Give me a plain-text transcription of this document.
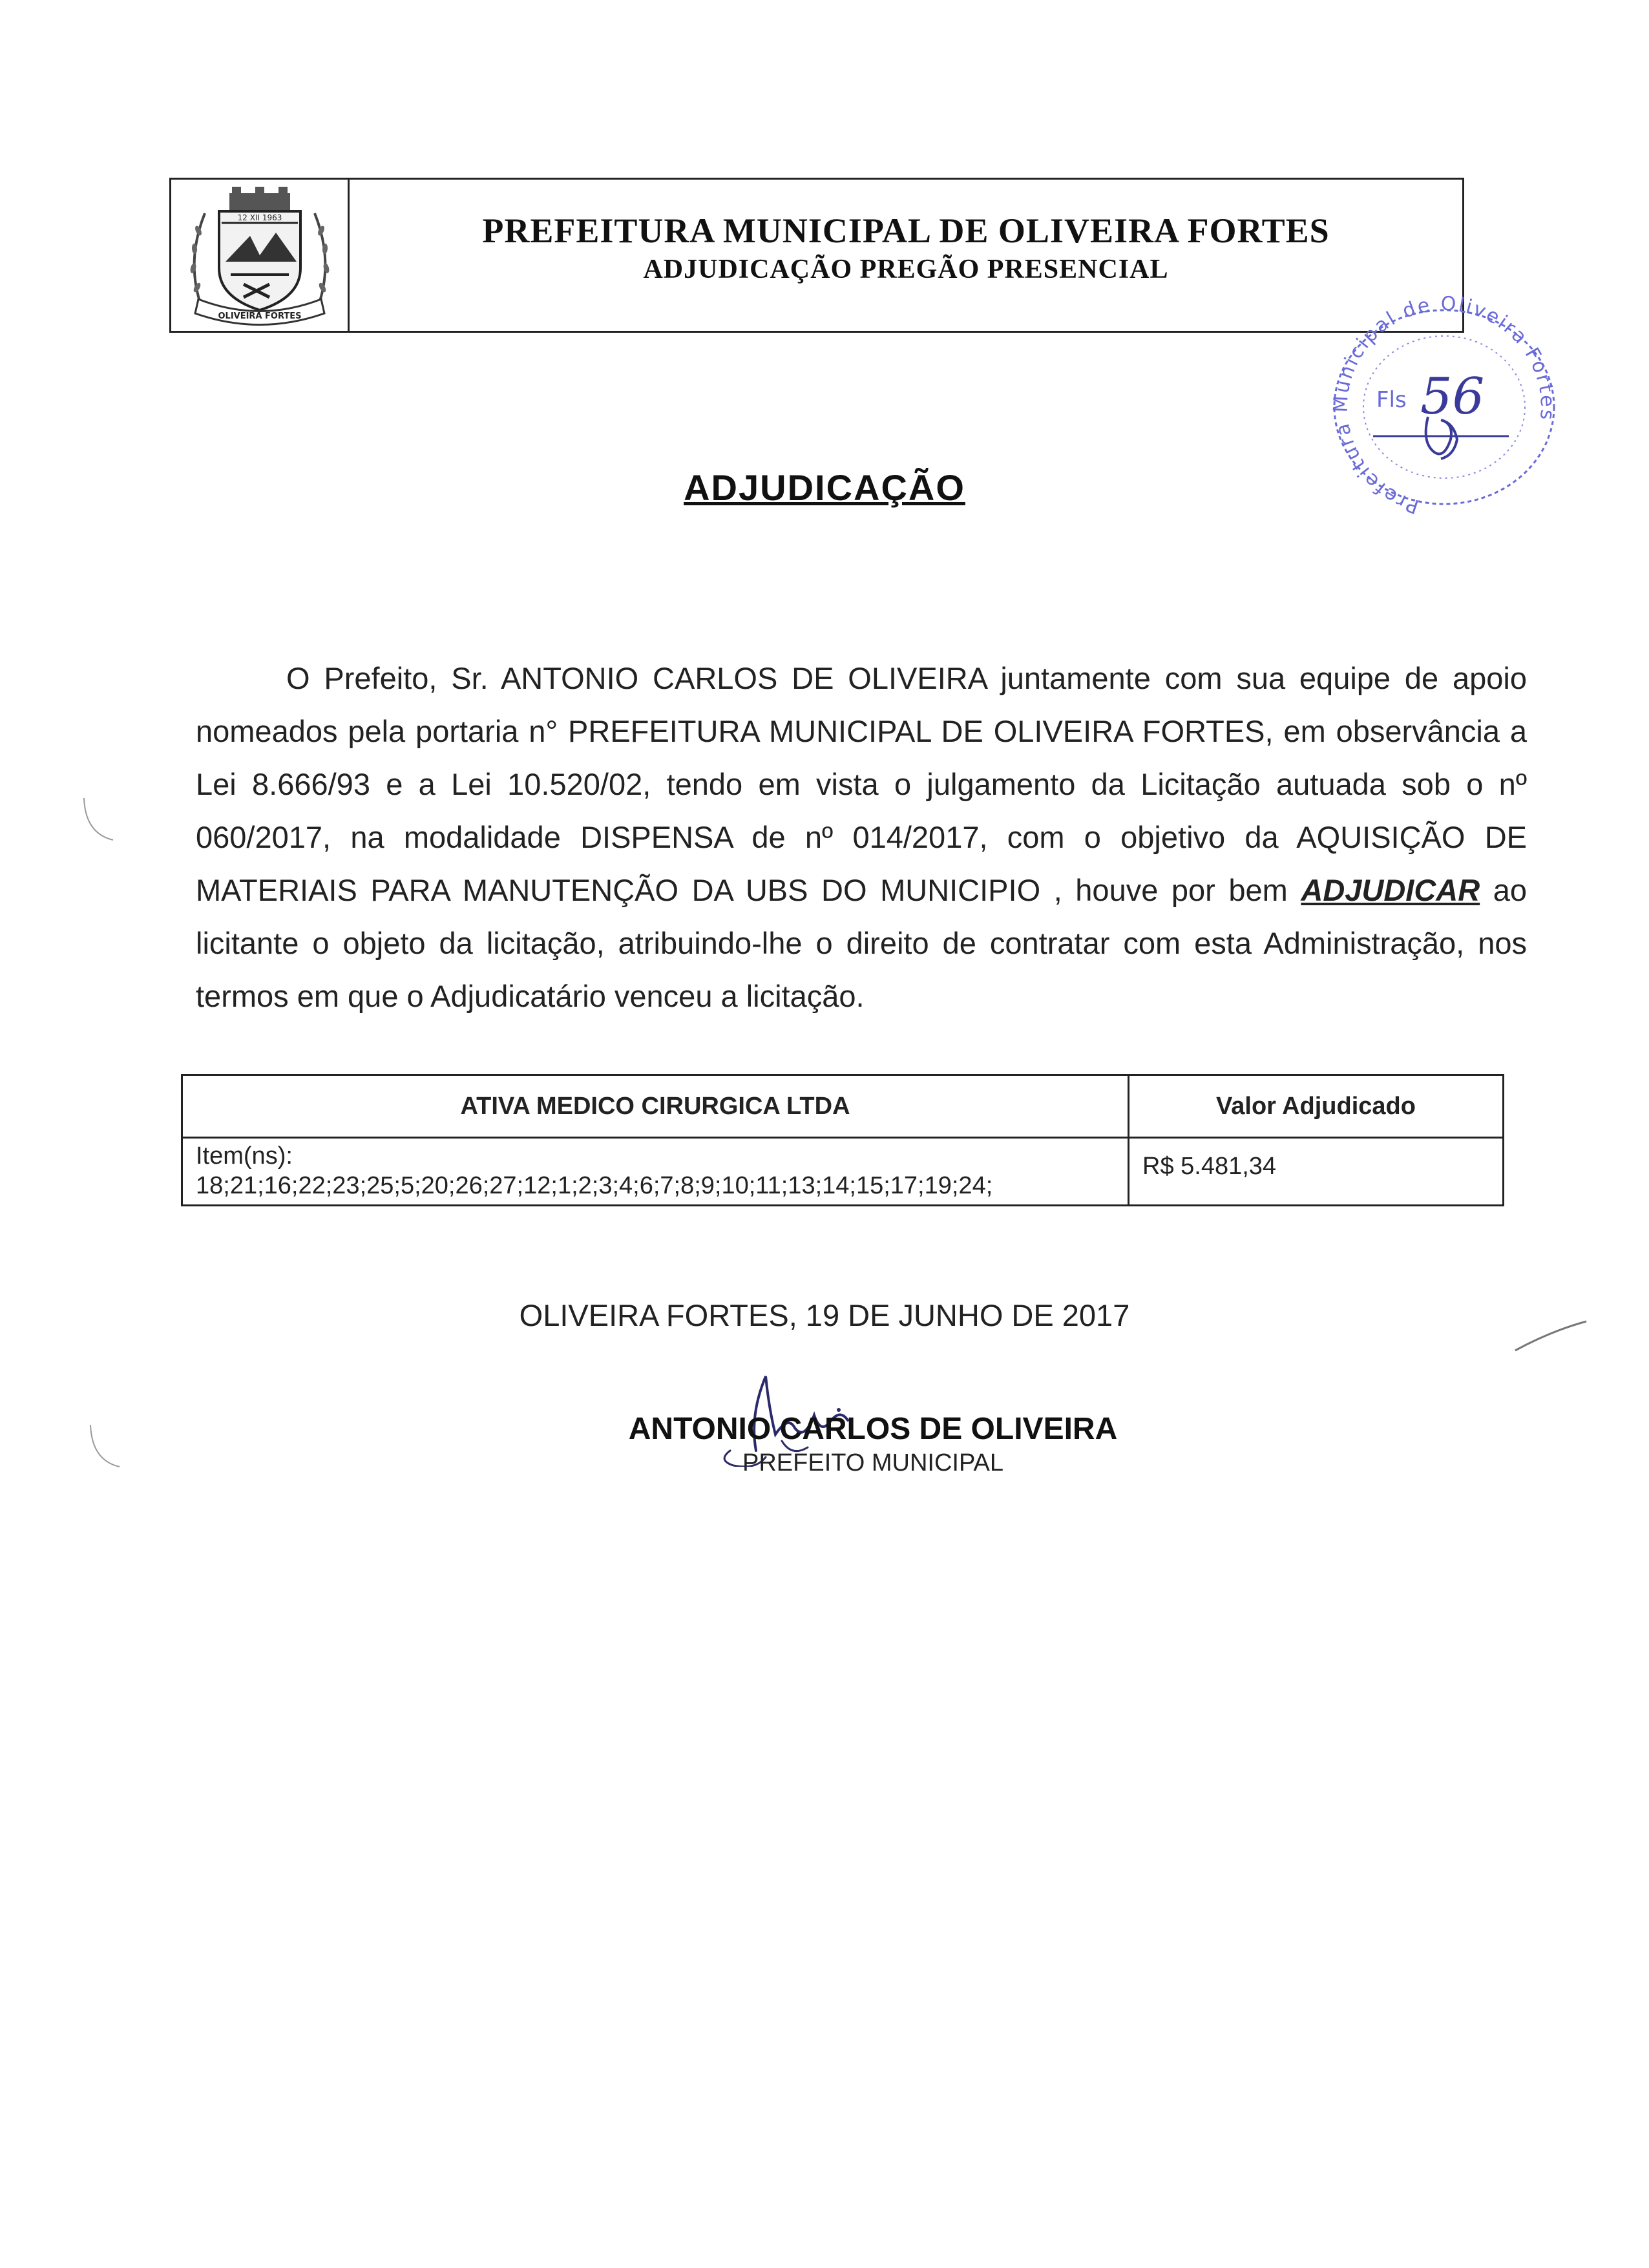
12 XII 1963
OLIVEIRA FORTES
PREFEITURA MUNICIPAL DE OLIVEIRA FORTES
ADJUDICAÇÃO PREGÃO PRESENCIAL
Prefeitura Municipal de Oliveira Fortes
Fls 56
ADJUDICAÇÃO

O Prefeito, Sr. ANTONIO CARLOS DE OLIVEIRA juntamente com sua equipe de apoio nomeados pela portaria n° PREFEITURA MUNICIPAL DE OLIVEIRA FORTES, em observância a Lei 8.666/93 e a Lei 10.520/02, tendo em vista o julgamento da Licitação autuada sob o nº 060/2017, na modalidade DISPENSA de nº 014/2017, com o objetivo da AQUISIÇÃO DE MATERIAIS PARA MANUTENÇÃO DA UBS DO MUNICIPIO , houve por bem ADJUDICAR ao licitante o objeto da licitação, atribuindo-lhe o direito de contratar com esta Administração, nos termos em que o Adjudicatário venceu a licitação.

ATIVA MEDICO CIRURGICA LTDA	Valor Adjudicado

Item(ns):
18;21;16;22;23;25;5;20;26;27;12;1;2;3;4;6;7;8;9;10;11;13;14;15;17;19;24;	R$ 5.481,34
OLIVEIRA FORTES, 19 DE JUNHO DE 2017
ANTONIO CARLOS DE OLIVEIRA
PREFEITO MUNICIPAL
